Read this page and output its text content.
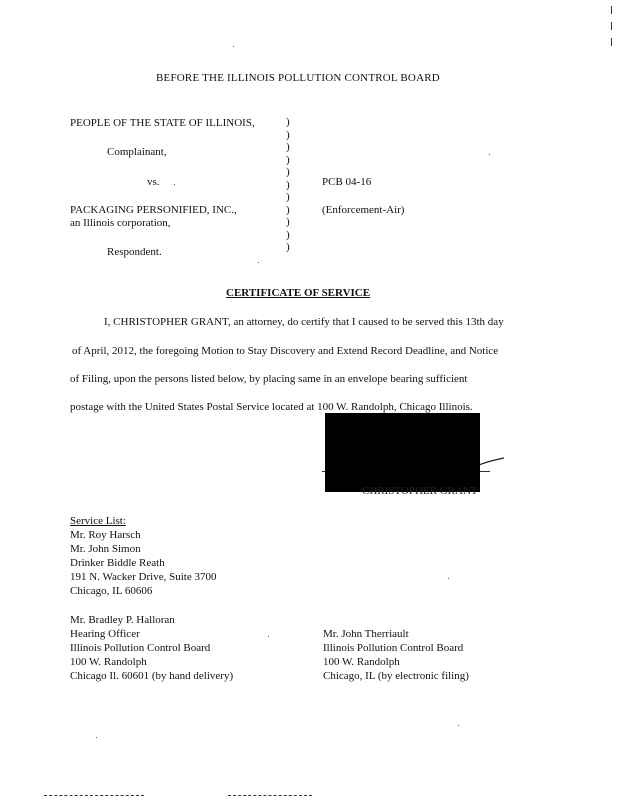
BEFORE THE ILLINOIS POLLUTION CONTROL BOARD
PEOPLE OF THE STATE OF ILLINOIS,
Complainant,
vs.
PACKAGING PERSONIFIED, INC.,
an Illinois corporation,
Respondent.
)
)
)
)
)
)
)
)
)
)
)
PCB 04-16
(Enforcement-Air)
CERTIFICATE OF SERVICE
I, CHRISTOPHER GRANT, an attorney, do certify that I caused to be served this 13th day
of April, 2012, the foregoing Motion to Stay Discovery and Extend Record Deadline, and Notice
of Filing, upon the persons listed below, by placing same in an envelope bearing sufficient
postage with the United States Postal Service located at 100 W. Randolph, Chicago Illinois.
CHRISTOPHER GRANT
Service List:
Mr. Roy Harsch
Mr. John Simon
Drinker Biddle Reath
191 N. Wacker Drive, Suite 3700
Chicago, IL 60606
Mr. Bradley P. Halloran
Hearing Officer
Illinois Pollution Control Board
100 W. Randolph
Chicago Il. 60601 (by hand delivery)
Mr. John Therriault
Illinois Pollution Control Board
100 W. Randolph
Chicago, IL (by electronic filing)
